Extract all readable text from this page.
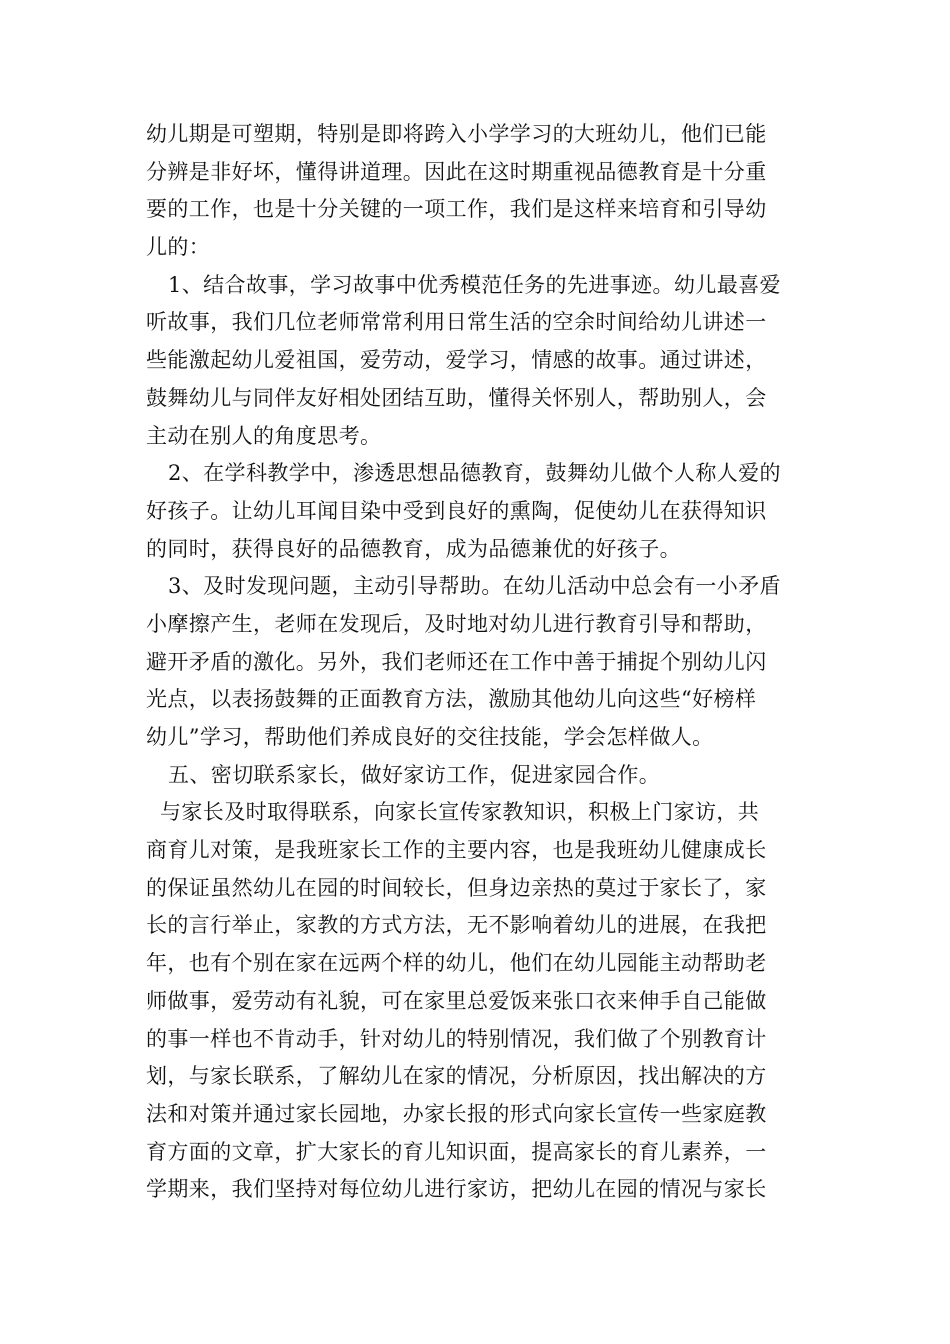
幼儿期是可塑期，特别是即将跨入小学学习的大班幼儿，他们已能
分辨是非好坏，懂得讲道理。因此在这时期重视品德教育是十分重
要的工作，也是十分关键的一项工作，我们是这样来培育和引导幼
儿的：
1、结合故事，学习故事中优秀模范任务的先进事迹。幼儿最喜爱
听故事，我们几位老师常常利用日常生活的空余时间给幼儿讲述一
些能激起幼儿爱祖国，爱劳动，爱学习，情感的故事。通过讲述，
鼓舞幼儿与同伴友好相处团结互助，懂得关怀别人，帮助别人，会
主动在别人的角度思考。
2、在学科教学中，渗透思想品德教育，鼓舞幼儿做个人称人爱的
好孩子。让幼儿耳闻目染中受到良好的熏陶，促使幼儿在获得知识
的同时，获得良好的品德教育，成为品德兼优的好孩子。
3、及时发现问题，主动引导帮助。在幼儿活动中总会有一小矛盾
小摩擦产生，老师在发现后，及时地对幼儿进行教育引导和帮助，
避开矛盾的激化。另外，我们老师还在工作中善于捕捉个别幼儿闪
光点，以表扬鼓舞的正面教育方法，激励其他幼儿向这些“好榜样
幼儿”学习，帮助他们养成良好的交往技能，学会怎样做人。
五、密切联系家长，做好家访工作，促进家园合作。
与家长及时取得联系，向家长宣传家教知识，积极上门家访，共
商育儿对策，是我班家长工作的主要内容，也是我班幼儿健康成长
的保证虽然幼儿在园的时间较长，但身边亲热的莫过于家长了，家
长的言行举止，家教的方式方法，无不影响着幼儿的进展，在我把
年，也有个别在家在远两个样的幼儿，他们在幼儿园能主动帮助老
师做事，爱劳动有礼貌，可在家里总爱饭来张口衣来伸手自己能做
的事一样也不肯动手，针对幼儿的特别情况，我们做了个别教育计
划，与家长联系，了解幼儿在家的情况，分析原因，找出解决的方
法和对策并通过家长园地，办家长报的形式向家长宣传一些家庭教
育方面的文章，扩大家长的育儿知识面，提高家长的育儿素养，一
学期来，我们坚持对每位幼儿进行家访，把幼儿在园的情况与家长
